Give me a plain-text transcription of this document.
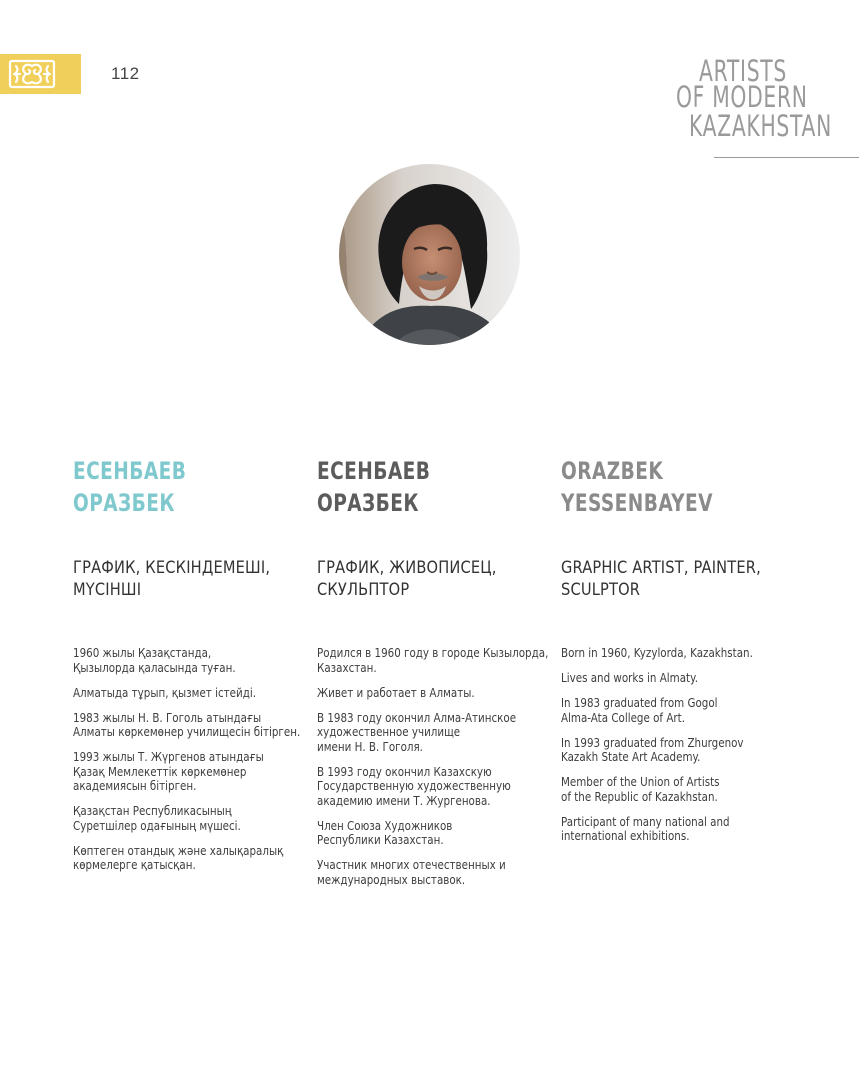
112	ARTISTS
OF MODERN
KAZAKHSTAN
ЕСЕНБАЕВ
ОРАЗБЕК
ГРАФИК, КЕСКІНДЕМЕШІ,
МҮСІНШІ

1960 жылы Қазақстанда,
Қызылорда қаласында туған.

Алматыда тұрып, қызмет істейді.

1983 жылы Н. В. Гоголь атындағы
Алматы көркемөнер училищесін бітірген.

1993 жылы Т. Жүргенов атындағы
Қазақ Мемлекеттік көркемөнер
академиясын бітірген.

Қазақстан Республикасының
Суретшілер одағының мүшесі.

Көптеген отандық және халықаралық
көрмелерге қатысқан.

ЕСЕНБАЕВ
ОРАЗБЕК
ГРАФИК, ЖИВОПИСЕЦ,
СКУЛЬПТОР

Родился в 1960 году в городе Кызылорда,
Казахстан.

Живет и работает в Алматы.

В 1983 году окончил Алма-Атинское
художественное училище
имени Н. В. Гоголя.

В 1993 году окончил Казахскую
Государственную художественную
академию имени Т. Жургенова.

Член Союза Художников
Республики Казахстан.

Участник многих отечественных и
международных выставок.

ORAZBEK
YESSENBAYEV
GRAPHIC ARTIST, PAINTER,
SCULPTOR

Born in 1960, Kyzylorda, Kazakhstan.

Lives and works in Almaty.

In 1983 graduated from Gogol
Alma-Ata College of Art.

In 1993 graduated from Zhurgenov
Kazakh State Art Academy.

Member of the Union of Artists
of the Republic of Kazakhstan.

Participant of many national and
international exhibitions.
